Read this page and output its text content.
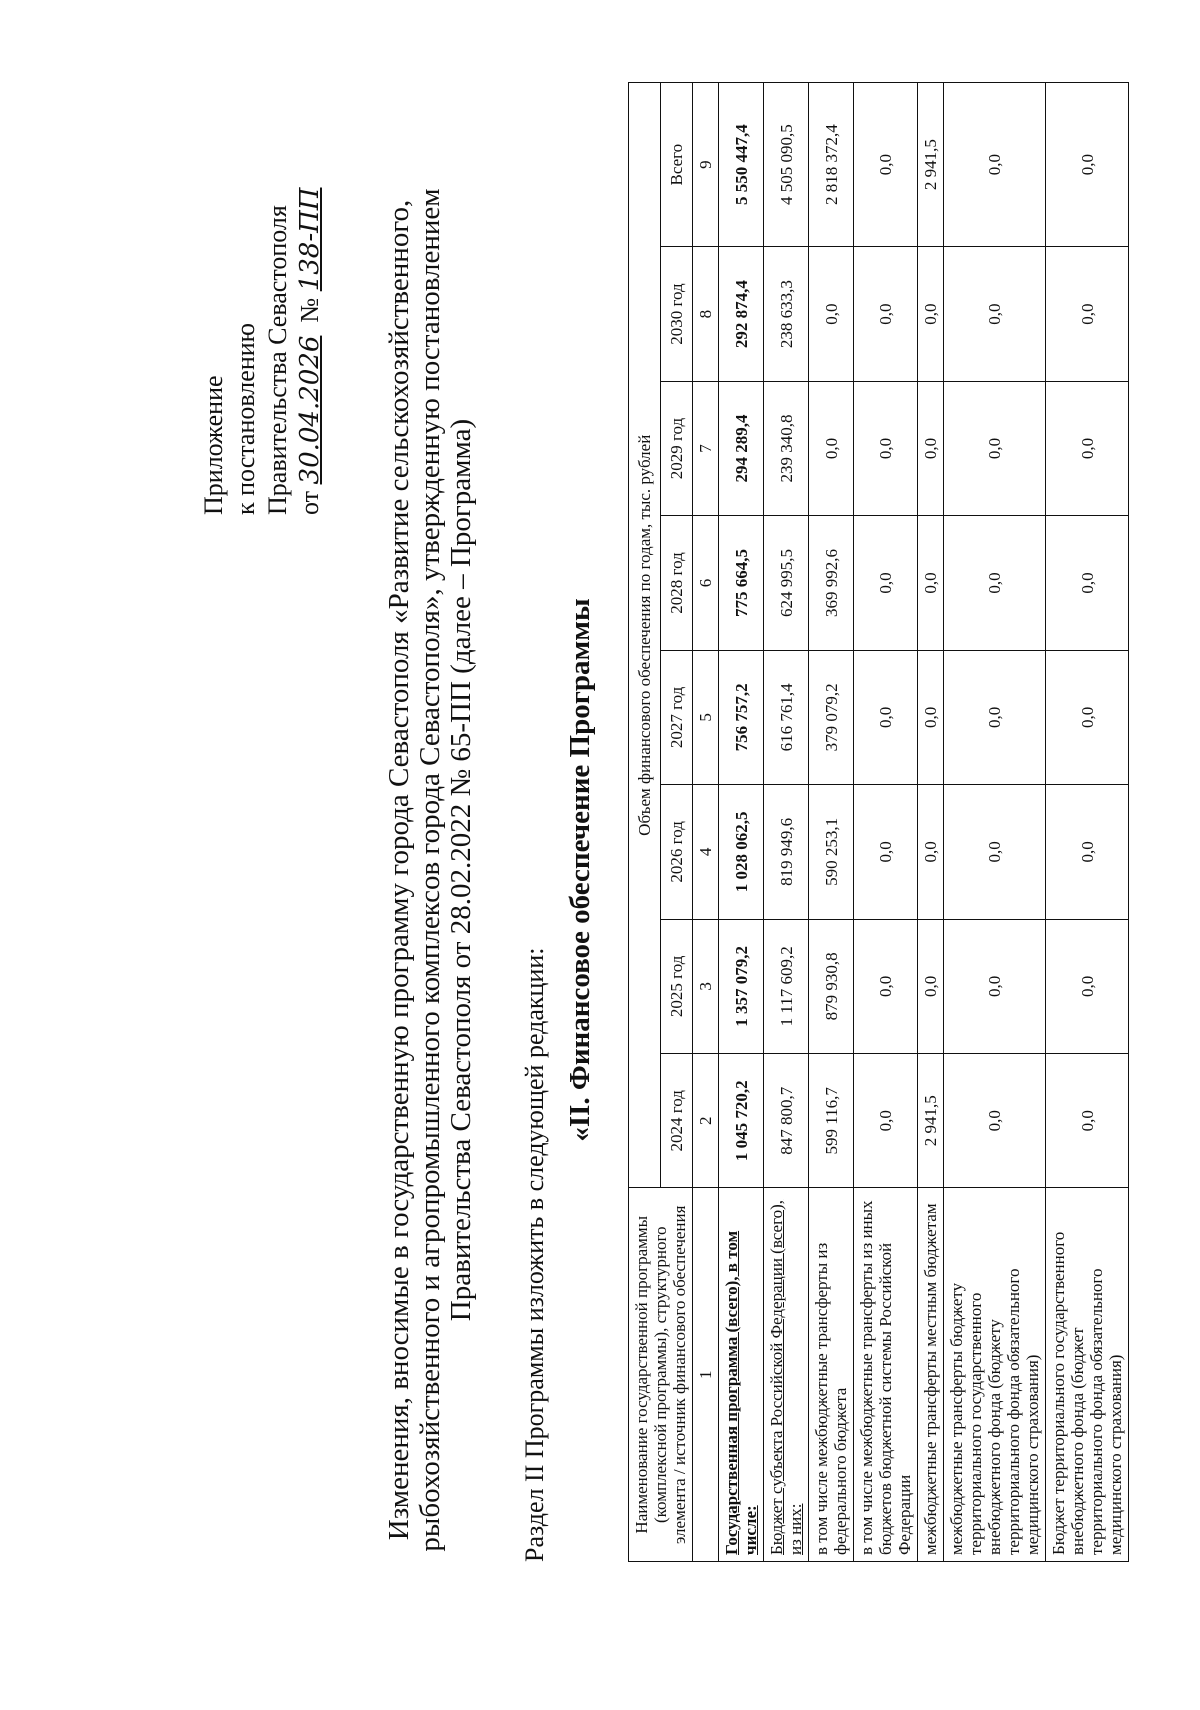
Приложение к постановлению Правительства Севастополя от 30.04.2026  № 138-ПП Изменения, вносимые в государственную программу города Севастополя «Развитие сельскохозяйственного, рыбохозяйственного и агропромышленного комплексов города Севастополя», утвержденную постановлением Правительства Севастополя от 28.02.2022 № 65-ПП (далее – Программа) Раздел II Программы изложить в следующей редакции:
«II. Финансовое обеспечение Программы
Наименование государственной программы (комплексной программы), структурного элемента / источник финансового обеспечения	Объем финансового обеспечения по годам, тыс. рублей							
	2024 год	2025 год	2026 год	2027 год	2028 год	2029 год	2030 год	Всего
1	2	3	4	5	6	7	8	9
Государственная программа (всего), в том числе:	1 045 720,2	1 357 079,2	1 028 062,5	756 757,2	775 664,5	294 289,4	292 874,4	5 550 447,4
Бюджет субъекта Российской Федерации (всего), из них:	847 800,7	1 117 609,2	819 949,6	616 761,4	624 995,5	239 340,8	238 633,3	4 505 090,5
в том числе межбюджетные трансферты из федерального бюджета	599 116,7	879 930,8	590 253,1	379 079,2	369 992,6	0,0	0,0	2 818 372,4
в том числе межбюджетные трансферты из иных бюджетов бюджетной системы Российской Федерации	0,0	0,0	0,0	0,0	0,0	0,0	0,0	0,0
межбюджетные трансферты местным бюджетам	2 941,5	0,0	0,0	0,0	0,0	0,0	0,0	2 941,5
межбюджетные трансферты бюджету территориального государственного внебюджетного фонда (бюджету территориального фонда обязательного медицинского страхования)	0,0	0,0	0,0	0,0	0,0	0,0	0,0	0,0
Бюджет территориального государственного внебюджетного фонда (бюджет территориального фонда обязательного медицинского страхования)	0,0	0,0	0,0	0,0	0,0	0,0	0,0	0,0
